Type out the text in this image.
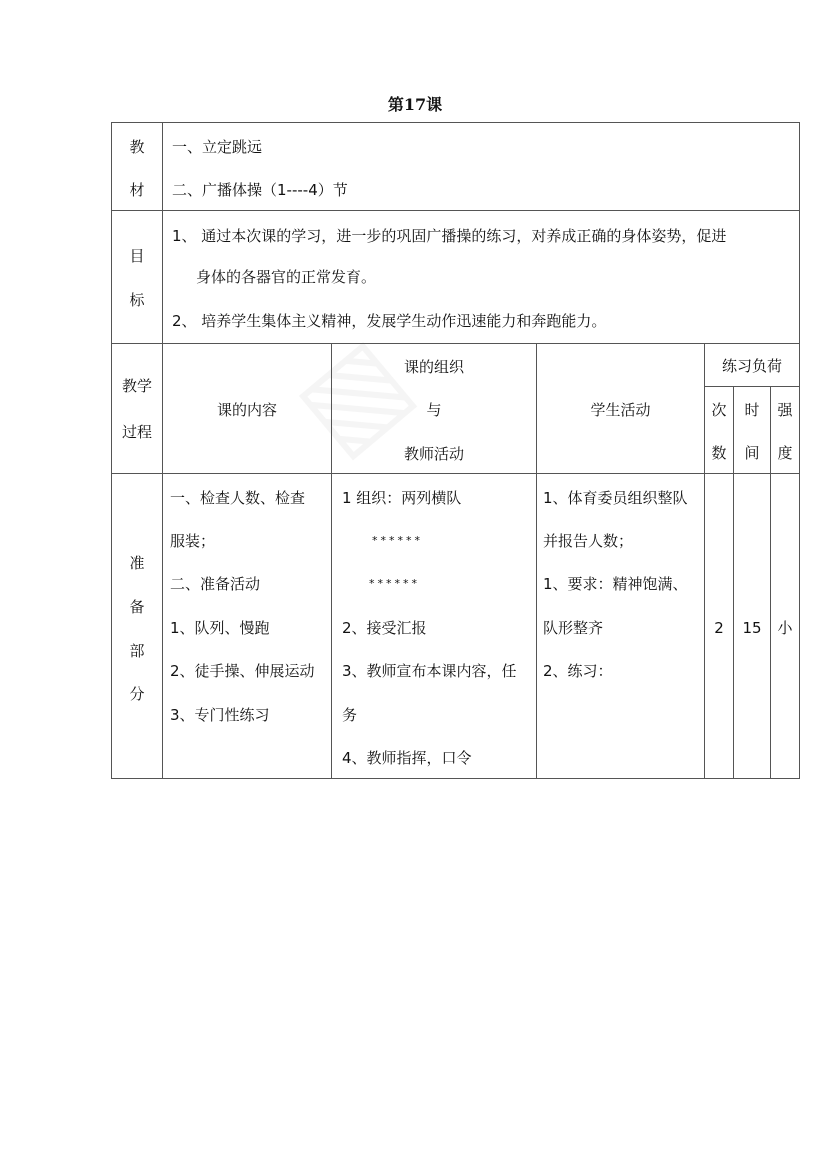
第17课
教
材
一、立定跳远
二、广播体操（1----4）节
目
标
1、 通过本次课的学习，进一步的巩固广播操的练习，对养成正确的身体姿势，促进
身体的各器官的正常发育。
2、 培养学生集体主义精神，发展学生动作迅速能力和奔跑能力。
教学
过程
课的内容
课的组织
与
教师活动
学生活动
练习负荷
次
数
时
间
强
度
准
备
部
分
一、检查人数、检查
服装；
二、准备活动
1、队列、慢跑
2、徒手操、伸展运动
3、专门性练习
1 组织：两列横队
******
******
2、接受汇报
3、教师宣布本课内容，任
务
4、教师指挥，口令
1、体育委员组织整队
并报告人数；
1、要求：精神饱满、
队形整齐
2、练习：
2	15	小
